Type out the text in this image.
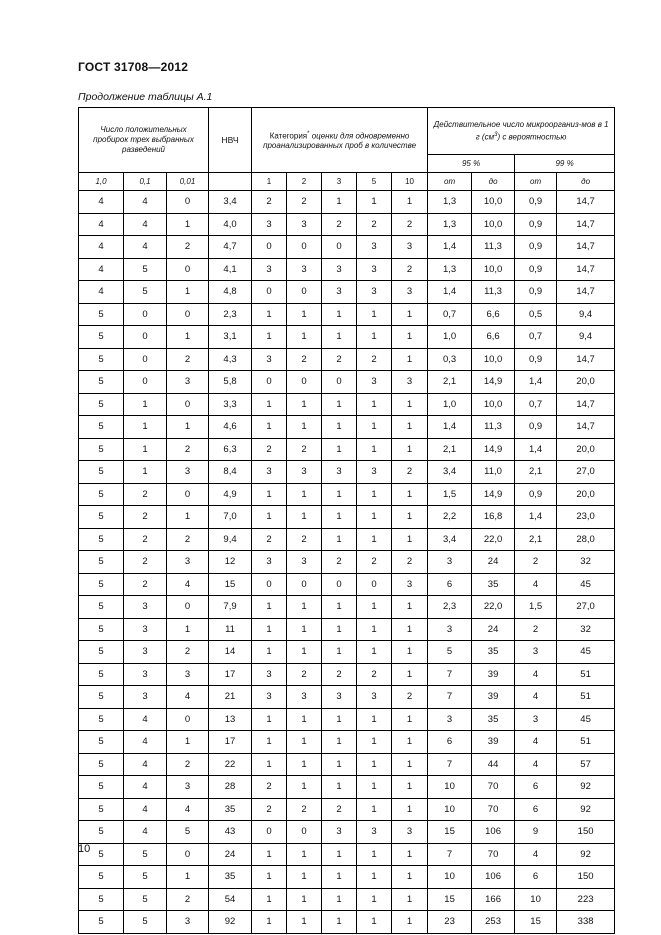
ГОСТ 31708—2012
Продолжение таблицы А.1
Число положительных пробирок трех выбранных разведений			НВЧ	Категория* оценки для одновременно проанализированных проб в количестве					Действительное число микроорганиз-мов в 1 г $(см^3)$ с вероятностью			

									95 %		99 %	
1,0	0,1	0,01		1	2	3	5	10	от	до	от	до
4	4	0	3,4	2	2	1	1	1	1,3	10,0	0,9	14,7
4	4	1	4,0	3	3	2	2	2	1,3	10,0	0,9	14,7
4	4	2	4,7	0	0	0	3	3	1,4	11,3	0,9	14,7
4	5	0	4,1	3	3	3	3	2	1,3	10,0	0,9	14,7
4	5	1	4,8	0	0	3	3	3	1,4	11,3	0,9	14,7
5	0	0	2,3	1	1	1	1	1	0,7	6,6	0,5	9,4
5	0	1	3,1	1	1	1	1	1	1,0	6,6	0,7	9,4
5	0	2	4,3	3	2	2	2	1	0,3	10,0	0,9	14,7
5	0	3	5,8	0	0	0	3	3	2,1	14,9	1,4	20,0
5	1	0	3,3	1	1	1	1	1	1,0	10,0	0,7	14,7
5	1	1	4,6	1	1	1	1	1	1,4	11,3	0,9	14,7
5	1	2	6,3	2	2	1	1	1	2,1	14,9	1,4	20,0
5	1	3	8,4	3	3	3	3	2	3,4	11,0	2,1	27,0
5	2	0	4,9	1	1	1	1	1	1,5	14,9	0,9	20,0
5	2	1	7,0	1	1	1	1	1	2,2	16,8	1,4	23,0
5	2	2	9,4	2	2	1	1	1	3,4	22,0	2,1	28,0
5	2	3	12	3	3	2	2	2	3	24	2	32
5	2	4	15	0	0	0	0	3	6	35	4	45
5	3	0	7,9	1	1	1	1	1	2,3	22,0	1,5	27,0
5	3	1	11	1	1	1	1	1	3	24	2	32
5	3	2	14	1	1	1	1	1	5	35	3	45
5	3	3	17	3	2	2	2	1	7	39	4	51
5	3	4	21	3	3	3	3	2	7	39	4	51
5	4	0	13	1	1	1	1	1	3	35	3	45
5	4	1	17	1	1	1	1	1	6	39	4	51
5	4	2	22	1	1	1	1	1	7	44	4	57
5	4	3	28	2	1	1	1	1	10	70	6	92
5	4	4	35	2	2	2	1	1	10	70	6	92
5	4	5	43	0	0	3	3	3	15	106	9	150
5	5	0	24	1	1	1	1	1	7	70	4	92
5	5	1	35	1	1	1	1	1	10	106	6	150
5	5	2	54	1	1	1	1	1	15	166	10	223
5	5	3	92	1	1	1	1	1	23	253	15	338
10
